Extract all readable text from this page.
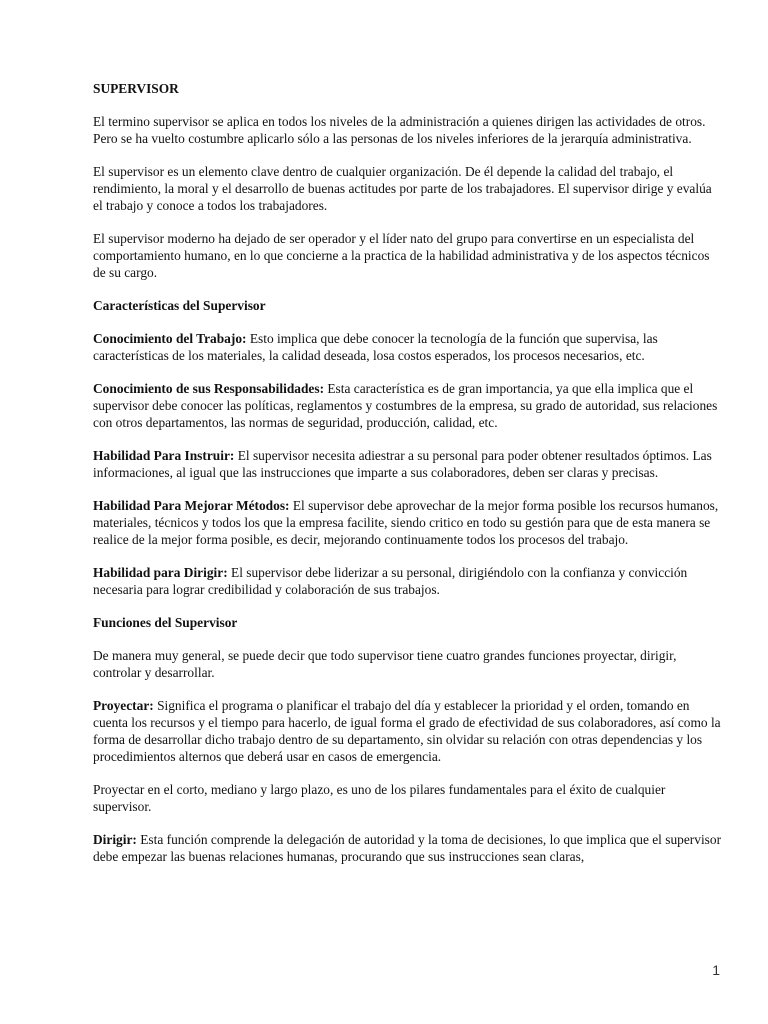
SUPERVISOR

El termino supervisor se aplica en todos los niveles de la administración a quienes dirigen las actividades de otros. Pero se ha vuelto costumbre aplicarlo sólo a las personas de los niveles inferiores de la jerarquía administrativa.

El supervisor es un elemento clave dentro de cualquier organización. De él depende la calidad del trabajo, el rendimiento, la moral y el desarrollo de buenas actitudes por parte de los trabajadores. El supervisor dirige y evalúa el trabajo y conoce a todos los trabajadores.

El supervisor moderno ha dejado de ser operador y el líder nato del grupo para convertirse en un especialista del comportamiento humano, en lo que concierne a la practica de la habilidad administrativa y de los aspectos técnicos de su cargo.

Características del Supervisor

Conocimiento del Trabajo: Esto implica que debe conocer la tecnología de la función que supervisa, las características de los materiales, la calidad deseada, losa costos esperados, los procesos necesarios, etc.

Conocimiento de sus Responsabilidades: Esta característica es de gran importancia, ya que ella implica que el supervisor debe conocer las políticas, reglamentos y costumbres de la empresa, su grado de autoridad, sus relaciones con otros departamentos, las normas de seguridad, producción, calidad, etc.

Habilidad Para Instruir: El supervisor necesita adiestrar a su personal para poder obtener resultados óptimos. Las informaciones, al igual que las instrucciones que imparte a sus colaboradores, deben ser claras y precisas.

Habilidad Para Mejorar Métodos: El supervisor debe aprovechar de la mejor forma posible los recursos humanos, materiales, técnicos y todos los que la empresa facilite, siendo critico en todo su gestión para que de esta manera se realice de la mejor forma posible, es decir, mejorando continuamente todos los procesos del trabajo.

Habilidad para Dirigir: El supervisor debe liderizar a su personal, dirigiéndolo con la confianza y convicción necesaria para lograr credibilidad y colaboración de sus trabajos.

Funciones del Supervisor

De manera muy general, se puede decir que todo supervisor tiene cuatro grandes funciones proyectar, dirigir, controlar y desarrollar.

Proyectar: Significa el programa o planificar el trabajo del día y establecer la prioridad y el orden, tomando en cuenta los recursos y el tiempo para hacerlo, de igual forma el grado de efectividad de sus colaboradores, así como la forma de desarrollar dicho trabajo dentro de su departamento, sin olvidar su relación con otras dependencias y los procedimientos alternos que deberá usar en casos de emergencia.

Proyectar en el corto, mediano y largo plazo, es uno de los pilares fundamentales para el éxito de cualquier supervisor.

Dirigir: Esta función comprende la delegación de autoridad y la toma de decisiones, lo que implica que el supervisor debe empezar las buenas relaciones humanas, procurando que sus instrucciones sean claras,

1
